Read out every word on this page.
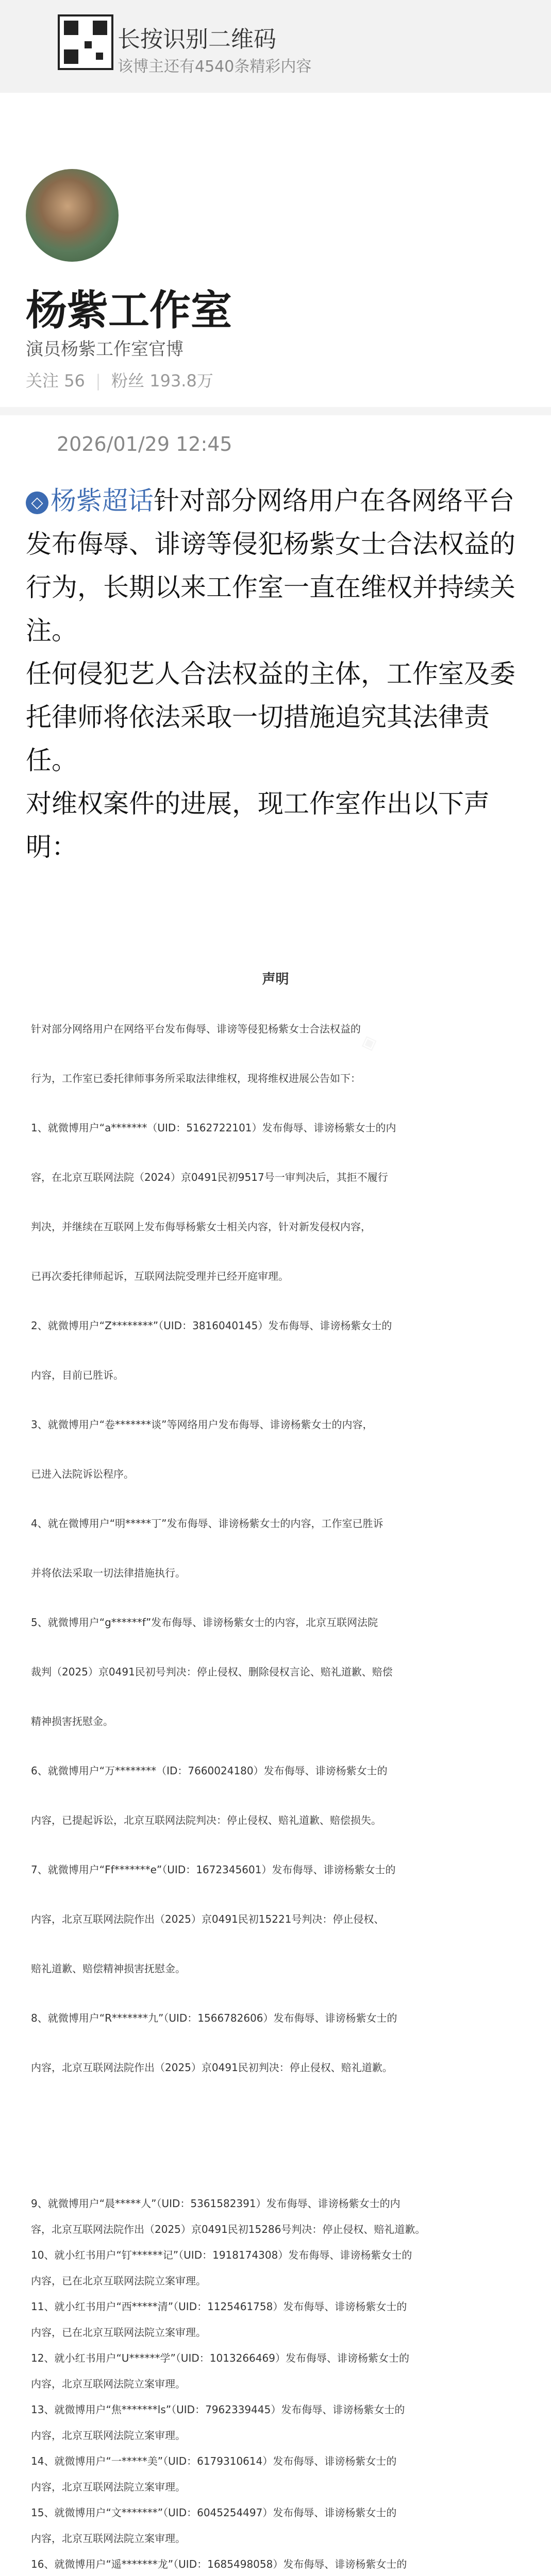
长按识别二维码
该博主还有4540条精彩内容
杨紫工作室
演员杨紫工作室官博
关注 56 | 粉丝 193.8万
2026/01/29 12:45

◇ 杨紫超话针对部分网络用户在各网络平台发布侮辱、诽谤等侵犯杨紫女士合法权益的行为，长期以来工作室一直在维权并持续关注。

任何侵犯艺人合法权益的主体，工作室及委托律师将依法采取一切措施追究其法律责任。

对维权案件的进展，现工作室作出以下声明：

声明
针对部分网络用户在网络平台发布侮辱、诽谤等侵犯杨紫女士合法权益的
行为，工作室已委托律师事务所采取法律维权，现将维权进展公告如下：
1、就微博用户“a*******（UID：5162722101）发布侮辱、诽谤杨紫女士的内
容，在北京互联网法院（2024）京0491民初9517号一审判决后，其拒不履行
判决，并继续在互联网上发布侮辱杨紫女士相关内容，针对新发侵权内容，
已再次委托律师起诉，互联网法院受理并已经开庭审理。
2、就微博用户“Z********”（UID：3816040145）发布侮辱、诽谤杨紫女士的
内容，目前已胜诉。
3、就微博用户“卷*******谈”等网络用户发布侮辱、诽谤杨紫女士的内容，
已进入法院诉讼程序。
4、就在微博用户“明*****丁”发布侮辱、诽谤杨紫女士的内容，工作室已胜诉
并将依法采取一切法律措施执行。
5、就微博用户“g******f”发布侮辱、诽谤杨紫女士的内容，北京互联网法院
裁判（2025）京0491民初号判决：停止侵权、删除侵权言论、赔礼道歉、赔偿
精神损害抚慰金。
6、就微博用户“万********（ID：7660024180）发布侮辱、诽谤杨紫女士的
内容，已提起诉讼，北京互联网法院判决：停止侵权、赔礼道歉、赔偿损失。
7、就微博用户“Ff*******e”（UID：1672345601）发布侮辱、诽谤杨紫女士的
内容，北京互联网法院作出（2025）京0491民初15221号判决：停止侵权、
赔礼道歉、赔偿精神损害抚慰金。
8、就微博用户“R*******九”（UID：1566782606）发布侮辱、诽谤杨紫女士的
内容，北京互联网法院作出（2025）京0491民初判决：停止侵权、赔礼道歉。
9、就微博用户“晨*****人”（UID：5361582391）发布侮辱、诽谤杨紫女士的内
容，北京互联网法院作出（2025）京0491民初15286号判决：停止侵权、赔礼道歉。
10、就小红书用户“钉******记”（UID：1918174308）发布侮辱、诽谤杨紫女士的
内容，已在北京互联网法院立案审理。
11、就小红书用户“西*****清”（UID：1125461758）发布侮辱、诽谤杨紫女士的
内容，已在北京互联网法院立案审理。
12、就小红书用户“U******学”（UID：1013266469）发布侮辱、诽谤杨紫女士的
内容，北京互联网法院立案审理。
13、就微博用户“焦*******ls”（UID：7962339445）发布侮辱、诽谤杨紫女士的
内容，北京互联网法院立案审理。
14、就微博用户“一*****美”（UID：6179310614）发布侮辱、诽谤杨紫女士的
内容，北京互联网法院立案审理。
15、就微博用户“文*******”（UID：6045254497）发布侮辱、诽谤杨紫女士的
内容，北京互联网法院立案审理。
16、就微博用户“遥*******龙”（UID：1685498058）发布侮辱、诽谤杨紫女士的
